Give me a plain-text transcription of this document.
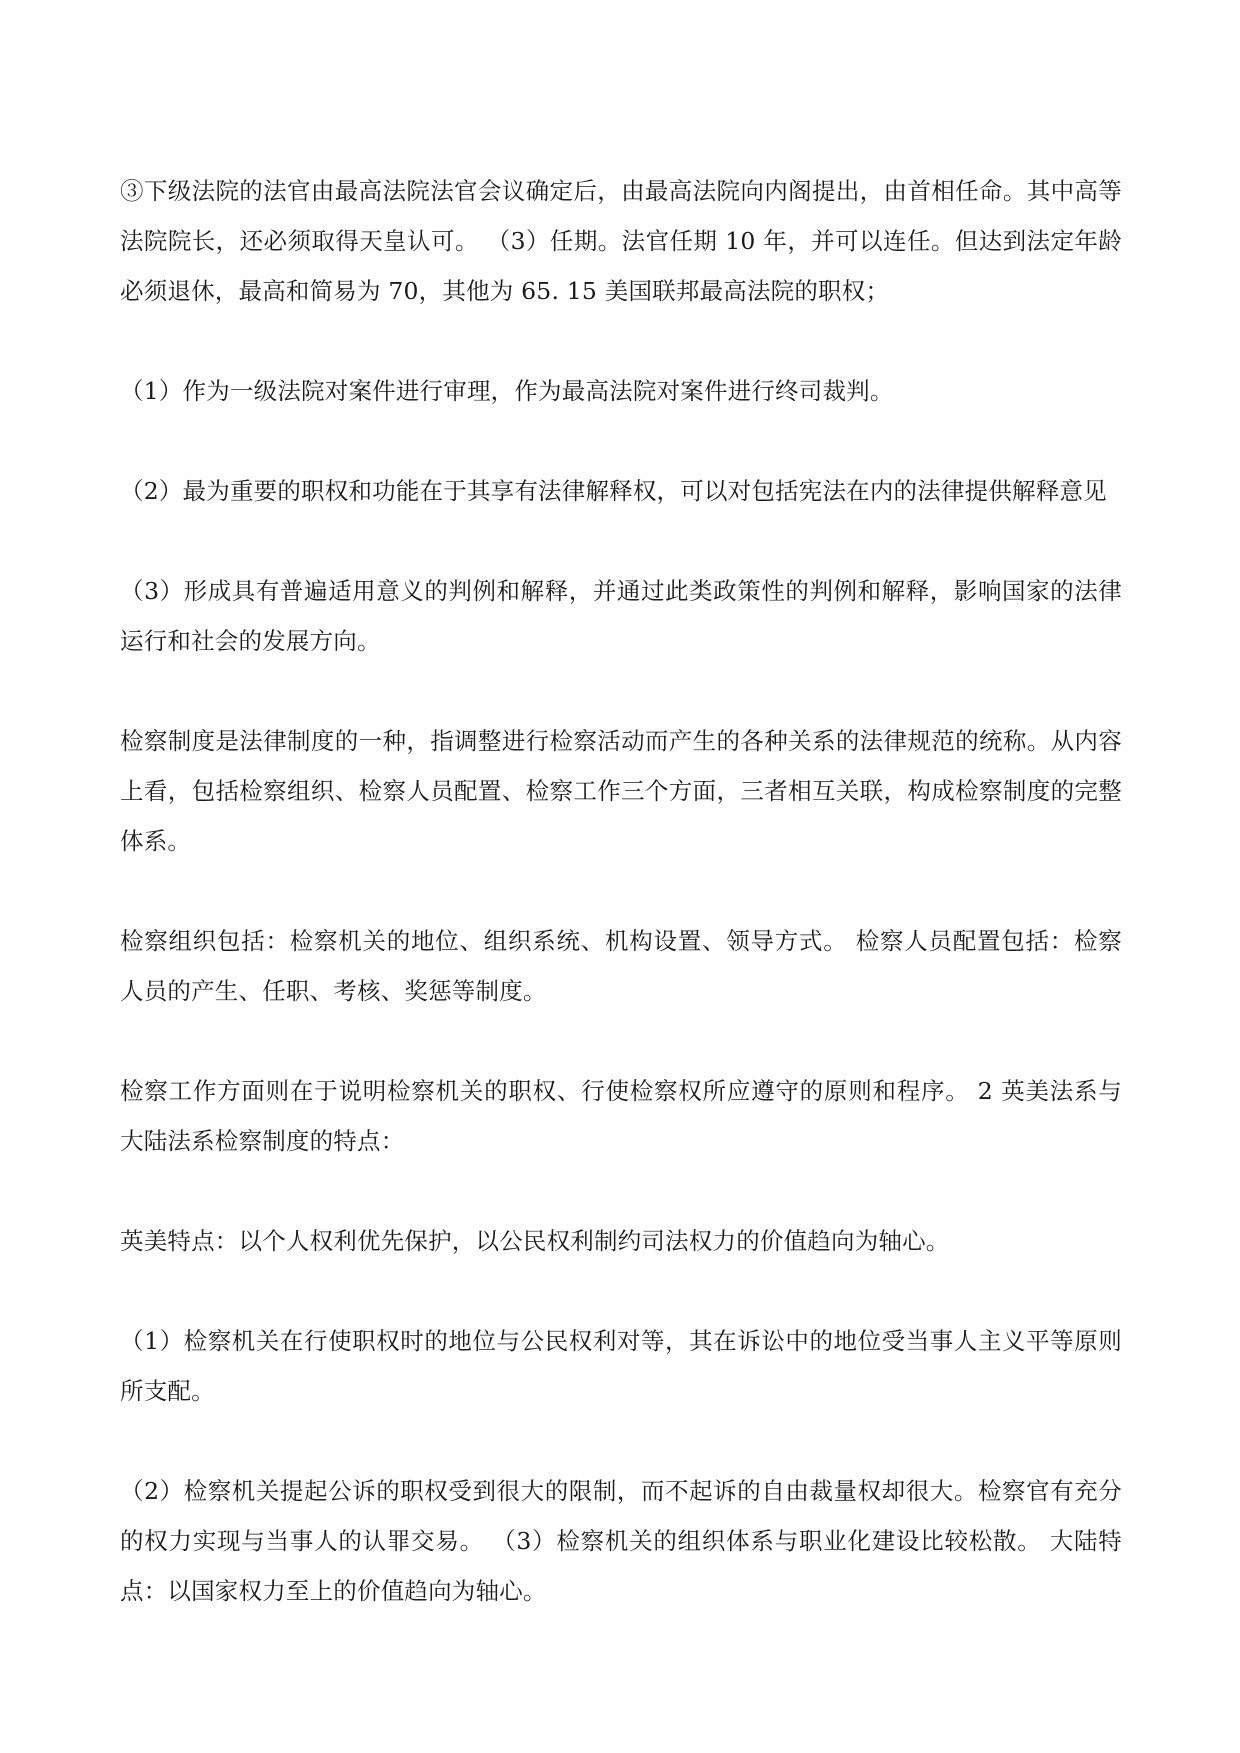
③下级法院的法官由最高法院法官会议确定后，由最高法院向内阁提出，由首相任命。其中高等法院院长，还必须取得天皇认可。 （3）任期。法官任期 10 年，并可以连任。但达到法定年龄必须退休，最高和简易为 70，其他为 65. 15 美国联邦最高法院的职权；

（1）作为一级法院对案件进行审理，作为最高法院对案件进行终司裁判。

（2）最为重要的职权和功能在于其享有法律解释权，可以对包括宪法在内的法律提供解释意见

（3）形成具有普遍适用意义的判例和解释，并通过此类政策性的判例和解释，影响国家的法律运行和社会的发展方向。

检察制度是法律制度的一种，指调整进行检察活动而产生的各种关系的法律规范的统称。从内容上看，包括检察组织、检察人员配置、检察工作三个方面，三者相互关联，构成检察制度的完整体系。

检察组织包括：检察机关的地位、组织系统、机构设置、领导方式。 检察人员配置包括：检察人员的产生、任职、考核、奖惩等制度。

检察工作方面则在于说明检察机关的职权、行使检察权所应遵守的原则和程序。 2 英美法系与大陆法系检察制度的特点：

英美特点：以个人权利优先保护，以公民权利制约司法权力的价值趋向为轴心。

（1）检察机关在行使职权时的地位与公民权利对等，其在诉讼中的地位受当事人主义平等原则所支配。

（2）检察机关提起公诉的职权受到很大的限制，而不起诉的自由裁量权却很大。检察官有充分的权力实现与当事人的认罪交易。 （3）检察机关的组织体系与职业化建设比较松散。 大陆特点：以国家权力至上的价值趋向为轴心。
